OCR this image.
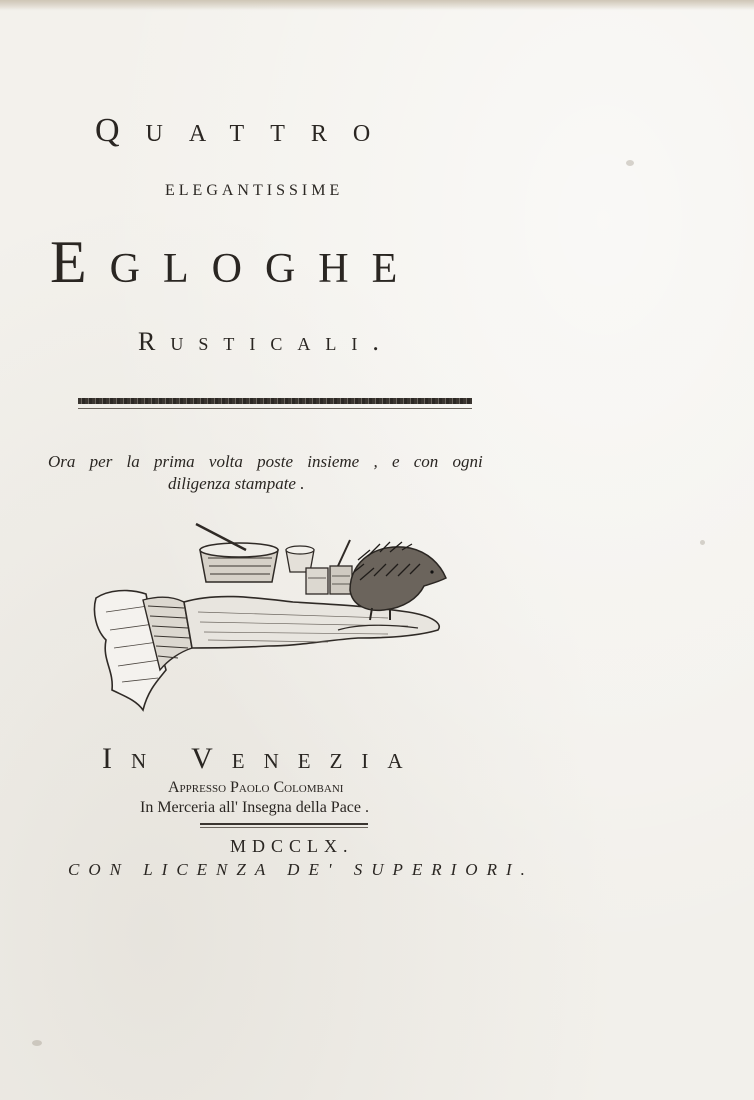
Quattro
ELEGANTISSIME
Egloghe
Rusticali.
Ora per la prima volta poste insieme , e con ogni
diligenza stampate .
In Venezia
Appresso Paolo Colombani
In Merceria all' Insegna della Pace .
MDCCLX.
CON LICENZA DE' SUPERIORI.
